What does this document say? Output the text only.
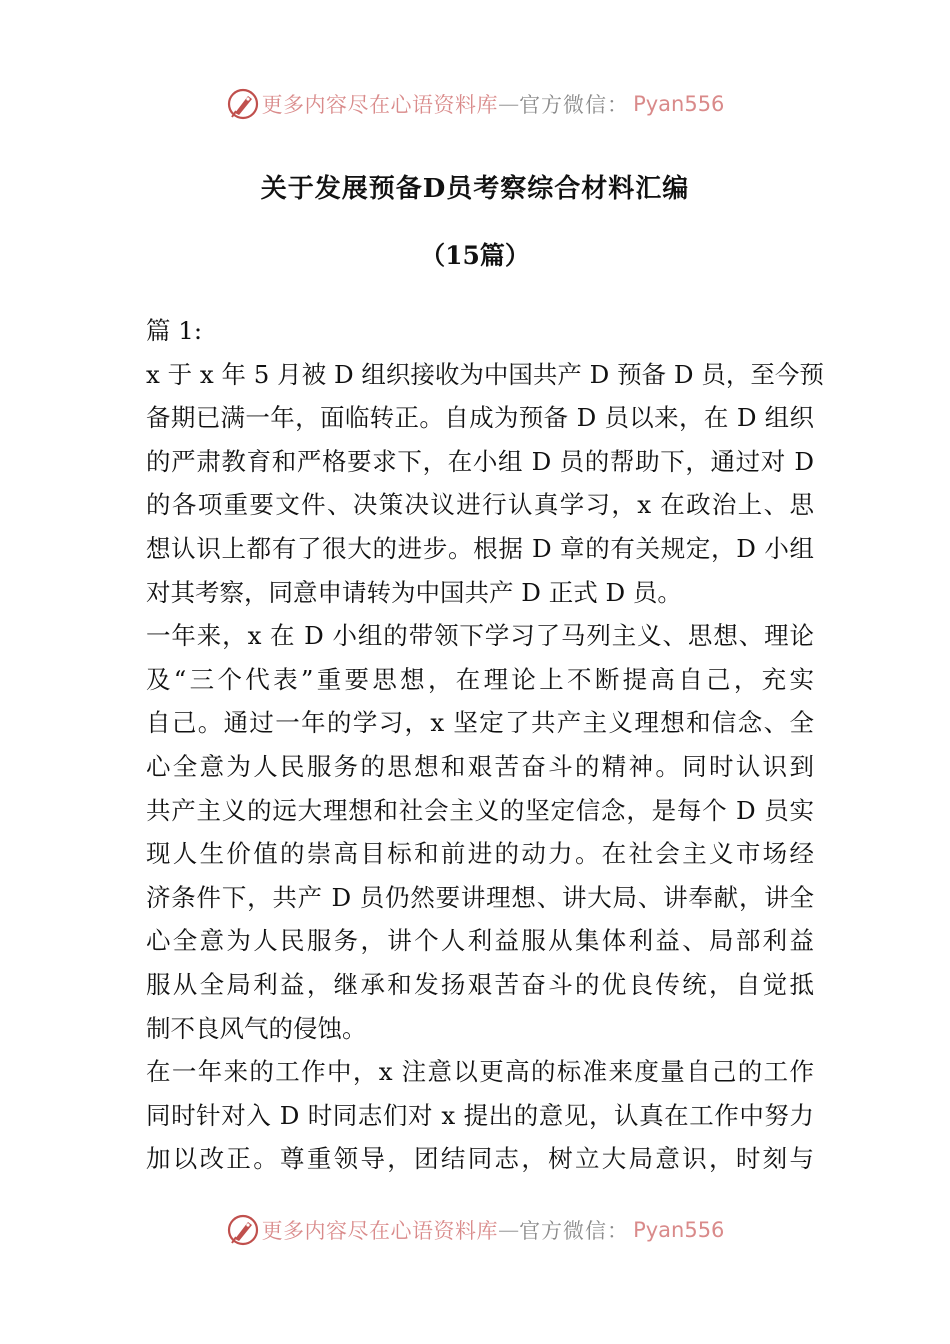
更多内容尽在心语资料库 — 官方微信： Pyan556
关于发展预备D员考察综合材料汇编
（15篇）
篇 1:
x 于 x 年 5 月被 D 组织接收为中国共产 D 预备 D 员，至今预
备期已满一年，面临转正。自成为预备 D 员以来，在 D 组织
的严肃教育和严格要求下，在小组 D 员的帮助下，通过对 D
的各项重要文件、决策决议进行认真学习，x 在政治上、思
想认识上都有了很大的进步。根据 D 章的有关规定，D 小组
对其考察，同意申请转为中国共产 D 正式 D 员。
一年来，x 在 D 小组的带领下学习了马列主义、思想、理论
及“三个代表”重要思想，在理论上不断提高自己，充实
自己。通过一年的学习，x 坚定了共产主义理想和信念、全
心全意为人民服务的思想和艰苦奋斗的精神。同时认识到
共产主义的远大理想和社会主义的坚定信念，是每个 D 员实
现人生价值的崇高目标和前进的动力。在社会主义市场经
济条件下，共产 D 员仍然要讲理想、讲大局、讲奉献，讲全
心全意为人民服务，讲个人利益服从集体利益、局部利益
服从全局利益，继承和发扬艰苦奋斗的优良传统，自觉抵
制不良风气的侵蚀。
在一年来的工作中，x 注意以更高的标准来度量自己的工作
同时针对入 D 时同志们对 x 提出的意见，认真在工作中努力
加以改正。尊重领导，团结同志，树立大局意识，时刻与
更多内容尽在心语资料库 — 官方微信： Pyan556
